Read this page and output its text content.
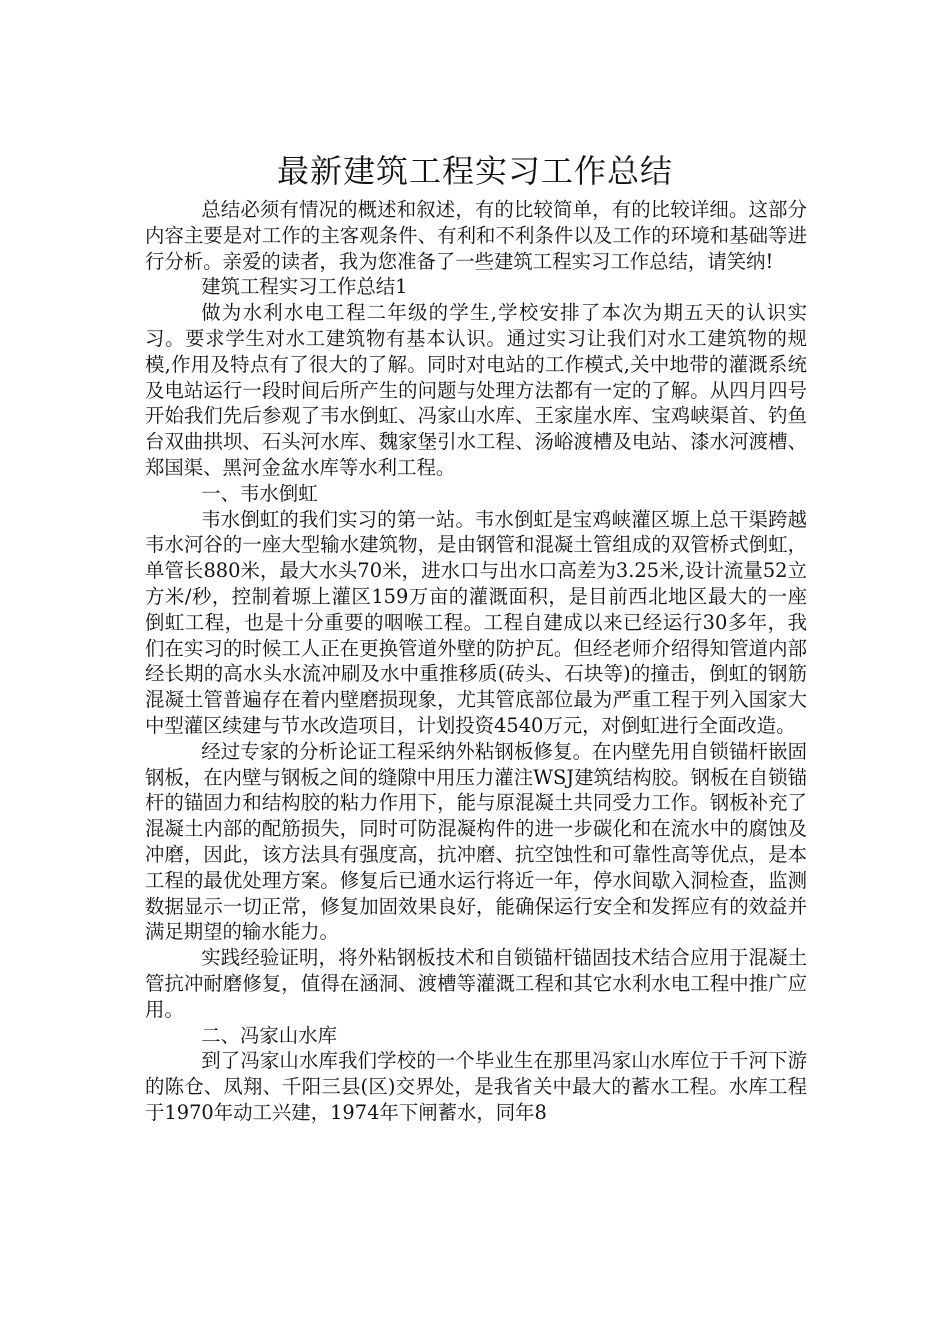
最新建筑工程实习工作总结

总结必须有情况的概述和叙述，有的比较简单，有的比较详细。这部分内容主要是对工作的主客观条件、有利和不利条件以及工作的环境和基础等进行分析。亲爱的读者，我为您准备了一些建筑工程实习工作总结，请笑纳!

建筑工程实习工作总结1

做为水利水电工程二年级的学生,学校安排了本次为期五天的认识实习。要求学生对水工建筑物有基本认识。通过实习让我们对水工建筑物的规模,作用及特点有了很大的了解。同时对电站的工作模式,关中地带的灌溉系统及电站运行一段时间后所产生的问题与处理方法都有一定的了解。从四月四号开始我们先后参观了韦水倒虹、冯家山水库、王家崖水库、宝鸡峡渠首、钓鱼台双曲拱坝、石头河水库、魏家堡引水工程、汤峪渡槽及电站、漆水河渡槽、郑国渠、黑河金盆水库等水利工程。

一、韦水倒虹

韦水倒虹的我们实习的第一站。韦水倒虹是宝鸡峡灌区塬上总干渠跨越韦水河谷的一座大型输水建筑物，是由钢管和混凝土管组成的双管桥式倒虹，单管长880米，最大水头70米，进水口与出水口高差为3.25米,设计流量52立方米/秒，控制着塬上灌区159万亩的灌溉面积，是目前西北地区最大的一座倒虹工程，也是十分重要的咽喉工程。工程自建成以来已经运行30多年，我们在实习的时候工人正在更换管道外壁的防护瓦。但经老师介绍得知管道内部经长期的高水头水流冲刷及水中重推移质(砖头、石块等)的撞击，倒虹的钢筋混凝土管普遍存在着内壁磨损现象，尤其管底部位最为严重工程于列入国家大中型灌区续建与节水改造项目，计划投资4540万元，对倒虹进行全面改造。

经过专家的分析论证工程采纳外粘钢板修复。在内壁先用自锁锚杆嵌固钢板，在内壁与钢板之间的缝隙中用压力灌注WSJ建筑结构胶。钢板在自锁锚杆的锚固力和结构胶的粘力作用下，能与原混凝土共同受力工作。钢板补充了混凝土内部的配筋损失，同时可防混凝构件的进一步碳化和在流水中的腐蚀及冲磨，因此，该方法具有强度高，抗冲磨、抗空蚀性和可靠性高等优点，是本工程的最优处理方案。修复后已通水运行将近一年，停水间歇入洞检查，监测数据显示一切正常，修复加固效果良好，能确保运行安全和发挥应有的效益并满足期望的输水能力。

实践经验证明，将外粘钢板技术和自锁锚杆锚固技术结合应用于混凝土管抗冲耐磨修复，值得在涵洞、渡槽等灌溉工程和其它水利水电工程中推广应用。

二、冯家山水库

到了冯家山水库我们学校的一个毕业生在那里冯家山水库位于千河下游的陈仓、凤翔、千阳三县(区)交界处，是我省关中最大的蓄水工程。水库工程于1970年动工兴建，1974年下闸蓄水，同年8
